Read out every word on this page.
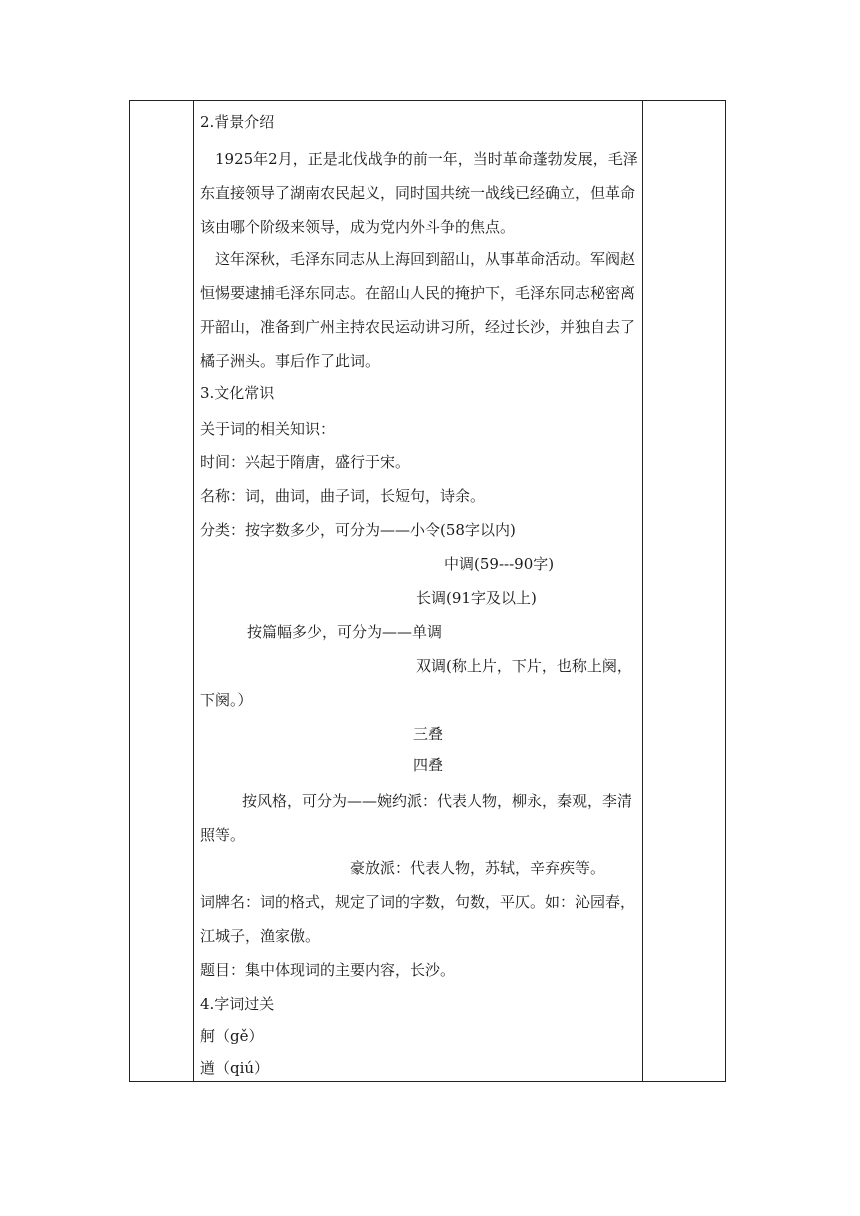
2.背景介绍

1925年2月，正是北伐战争的前一年，当时革命蓬勃发展，毛泽东直接领导了湖南农民起义，同时国共统一战线已经确立，但革命该由哪个阶级来领导，成为党内外斗争的焦点。

这年深秋，毛泽东同志从上海回到韶山，从事革命活动。军阀赵恒惕要逮捕毛泽东同志。在韶山人民的掩护下，毛泽东同志秘密离开韶山，准备到广州主持农民运动讲习所，经过长沙，并独自去了橘子洲头。事后作了此词。

3.文化常识

关于词的相关知识：

时间：兴起于隋唐，盛行于宋。

名称：词，曲词，曲子词，长短句，诗余。

分类：按字数多少，可分为——小令(58字以内)

中调(59---90字)

长调(91字及以上)

按篇幅多少，可分为——单调

双调(称上片，下片，也称上阕，

下阕。）

三叠

四叠

按风格，可分为——婉约派：代表人物，柳永，秦观，李清照等。

豪放派：代表人物，苏轼，辛弃疾等。

词牌名：词的格式，规定了词的字数，句数，平仄。如：沁园春，江城子，渔家傲。

题目：集中体现词的主要内容，长沙。

4.字词过关

舸（gě）

遒（qiú）
